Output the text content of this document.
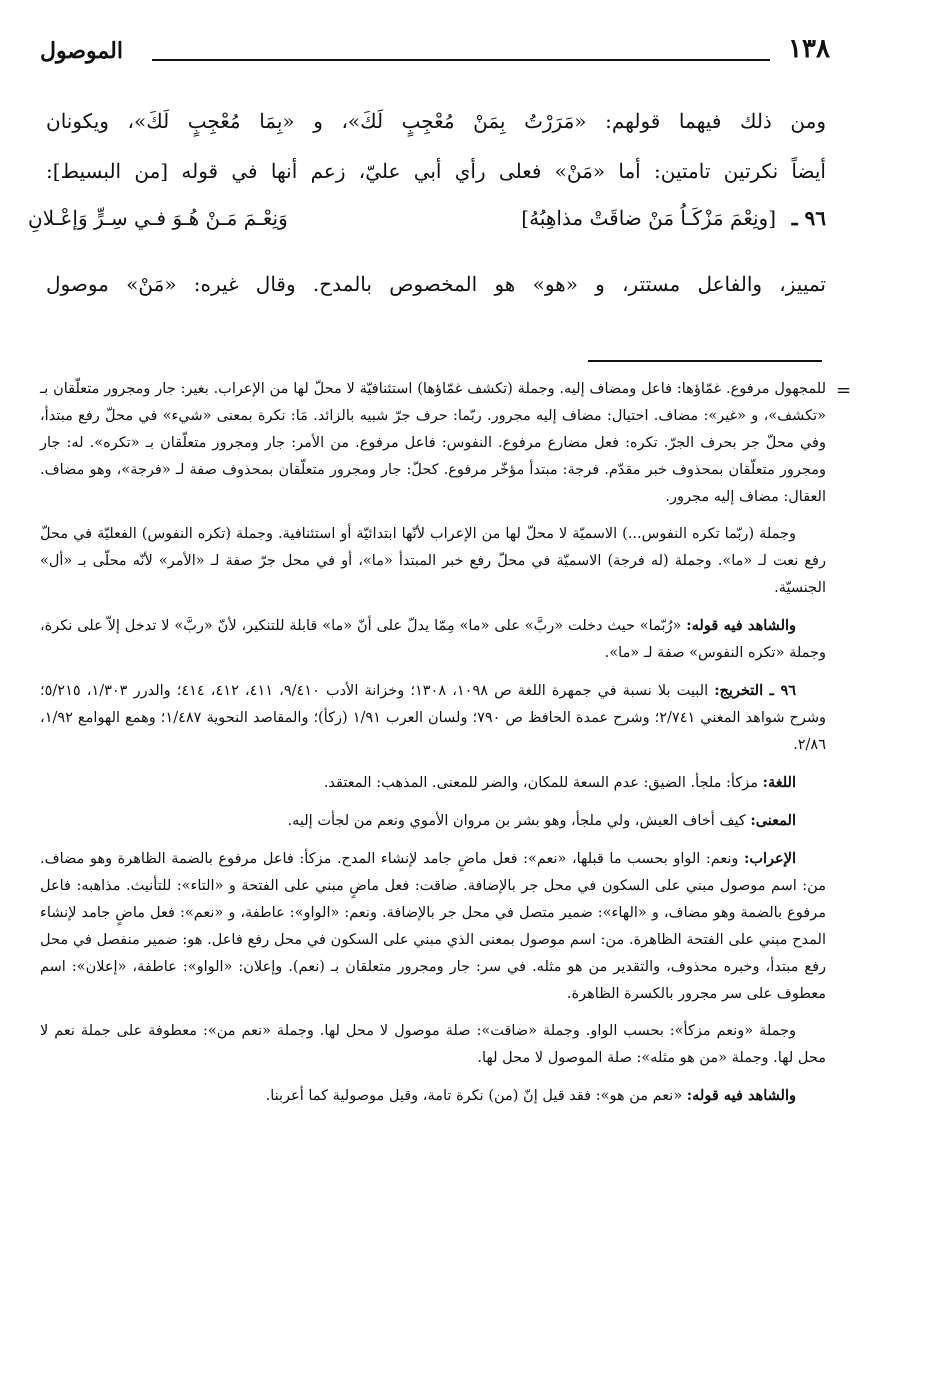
١٣٨
الموصول

ومن ذلك فيهما قولهم: «مَرَرْتُ بِمَنْ مُعْجِبٍ لَكَ»، و «بِمَا مُعْجِبٍ لَكَ»، ويكونان

أيضاً نكرتين تامتين: أما «مَنْ» فعلى رأي أبي عليّ، زعم أنها في قوله [من البسيط]:

٩٦ ـ
[ونِعْمَ مَزْكَـاُ مَنْ ضاقَتْ مذاهِبُهُ]
وَنِعْـمَ مَـنْ هُـوَ فـي سِـرٍّ وَإعْـلانِ

تمييز، والفاعل مستتر، و «هو» هو المخصوص بالمدح. وقال غيره: «مَنْ» موصول

=

للمجهول مرفوع. غمّاؤها: فاعل ومضاف إليه. وجملة (تكشف غمّاؤها) استئنافيّة لا محلّ لها من الإعراب. بغير: جار ومجرور متعلّقان بـ «تكشف»، و «غير»: مضاف. احتيال: مضاف إليه مجرور. ربّما: حرف جرّ شبيه بالزائد. مَا: نكرة بمعنى «شيء» في محلّ رفع مبتدأ، وفي محلّ جر بحرف الجرّ. تكره: فعل مضارع مرفوع. النفوس: فاعل مرفوع. من الأمر: جار ومجرور متعلّقان بـ «تكره». له: جار ومجرور متعلّقان بمحذوف خبر مقدّم. فرجة: مبتدأ مؤخّر مرفوع. كحلّ: جار ومجرور متعلّقان بمحذوف صفة لـ «فرجة»، وهو مضاف. العقال: مضاف إليه مجرور.

وجملة (ربّما تكره النفوس...) الاسميّة لا محلّ لها من الإعراب لأنّها ابتدائيّة أو استئنافية. وجملة (تكره النفوس) الفعليّة في محلّ رفع نعت لـ «ما». وجملة (له فرجة) الاسميّة في محلّ رفع خبر المبتدأ «ما»، أو في محل جرّ صفة لـ «الأمر» لأنّه محلّى بـ «أل» الجنسيّة.

والشاهد فيه قوله: «رُبّما» حيث دخلت «ربَّ» على «ما» مِمّا يدلّ على أنّ «ما» قابلة للتنكير، لأنّ «ربَّ» لا تدخل إلاّ على نكرة، وجملة «تكره النفوس» صفة لـ «ما».

٩٦ ـ التخريج: البيت بلا نسبة في جمهرة اللغة ص ١٠٩٨، ١٣٠٨؛ وخزانة الأدب ٩/٤١٠، ٤١١، ٤١٢، ٤١٤؛ والدرر ١/٣٠٣، ٥/٢١٥؛ وشرح شواهد المغني ٢/٧٤١؛ وشرح عمدة الحافظ ص ٧٩٠؛ ولسان العرب ١/٩١ (زكأ)؛ والمقاصد النحوية ١/٤٨٧؛ وهمع الهوامع ١/٩٢، ٢/٨٦.

اللغة: مزكأ: ملجأ. الضيق: عدم السعة للمكان، والضر للمعنى. المذهب: المعتقد.

المعنى: كيف أخاف العيش، ولي ملجأ، وهو بشر بن مروان الأموي ونعم من لجأت إليه.

الإعراب: ونعم: الواو بحسب ما قبلها، «نعم»: فعل ماضٍ جامد لإنشاء المدح. مزكأ: فاعل مرفوع بالضمة الظاهرة وهو مضاف. من: اسم موصول مبني على السكون في محل جر بالإضافة. ضاقت: فعل ماضٍ مبني على الفتحة و «التاء»: للتأنيث. مذاهبه: فاعل مرفوع بالضمة وهو مضاف، و «الهاء»: ضمير متصل في محل جر بالإضافة. ونعم: «الواو»: عاطفة، و «نعم»: فعل ماضٍ جامد لإنشاء المدح مبني على الفتحة الظاهرة. من: اسم موصول بمعنى الذي مبني على السكون في محل رفع فاعل. هو: ضمير منفصل في محل رفع مبتدأ، وخبره محذوف، والتقدير من هو مثله. في سر: جار ومجرور متعلقان بـ (نعم). وإعلان: «الواو»: عاطفة، «إعلان»: اسم معطوف على سر مجرور بالكسرة الظاهرة.

وجملة «ونعم مزكأ»: بحسب الواو. وجملة «ضاقت»: صلة موصول لا محل لها. وجملة «نعم من»: معطوفة على جملة نعم لا محل لها. وجملة «من هو مثله»: صلة الموصول لا محل لها.

والشاهد فيه قوله: «نعم من هو»: فقد قيل إنّ (من) نكرة تامة، وقيل موصولية كما أعربنا.
